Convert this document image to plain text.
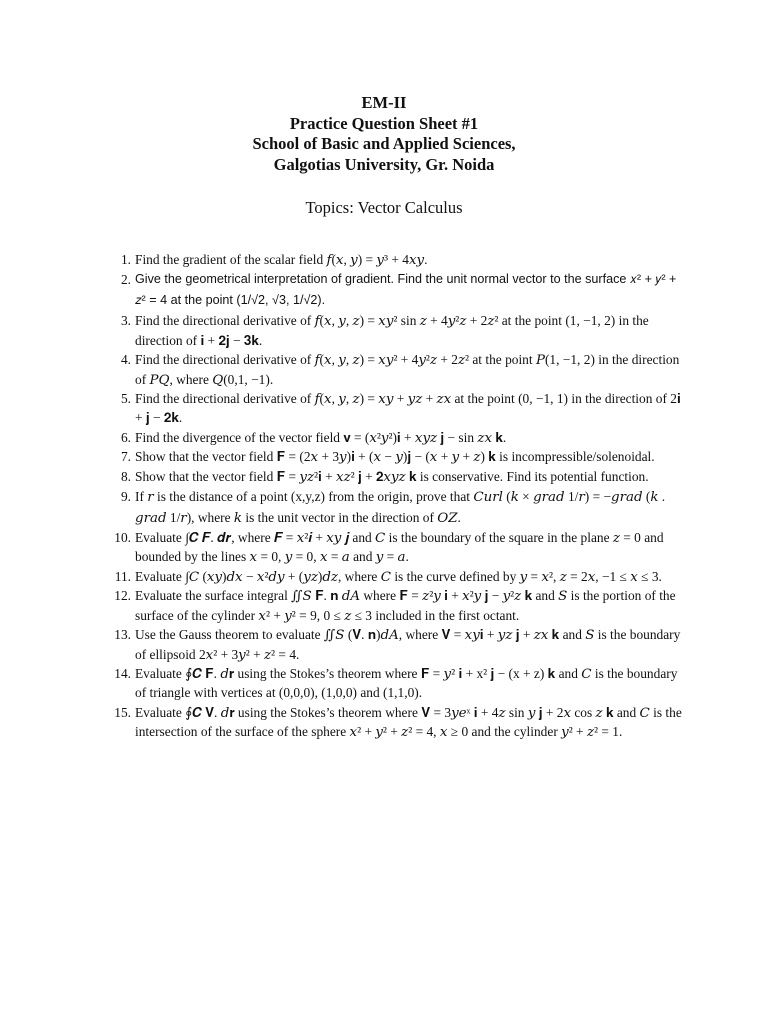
EM-II
Practice Question Sheet #1
School of Basic and Applied Sciences,
Galgotias University, Gr. Noida
Topics: Vector Calculus
1. Find the gradient of the scalar field 𝑓(𝑥, 𝑦) = 𝑦³ + 4𝑥𝑦.
2. Give the geometrical interpretation of gradient. Find the unit normal vector to the surface 𝑥² + 𝑦² + 𝑧² = 4 at the point (1/√2, √3, 1/√2).
3. Find the directional derivative of 𝑓(𝑥, 𝑦, 𝑧) = 𝑥𝑦² sin 𝑧 + 4𝑦²𝑧 + 2𝑧² at the point (1, −1, 2) in the direction of 𝐢 + 𝟐𝐣 − 𝟑𝐤.
4. Find the directional derivative of 𝑓(𝑥, 𝑦, 𝑧) = 𝑥𝑦² + 4𝑦²𝑧 + 2𝑧² at the point 𝑃(1, −1, 2) in the direction of 𝑃𝑄, where 𝑄(0,1, −1).
5. Find the directional derivative of 𝑓(𝑥, 𝑦, 𝑧) = 𝑥𝑦 + 𝑦𝑧 + 𝑧𝑥 at the point (0, −1, 1) in the direction of 2𝐢 + 𝐣 − 𝟐𝐤.
6. Find the divergence of the vector field 𝐯 = (𝑥²𝑦²)𝐢 + 𝑥𝑦𝑧 𝐣 − sin 𝑧𝑥 𝐤.
7. Show that the vector field 𝐅 = (2𝑥 + 3𝑦)𝐢 + (𝑥 − 𝑦)𝐣 − (𝑥 + 𝑦 + 𝑧) 𝐤 is incompressible/solenoidal.
8. Show that the vector field 𝐅 = 𝑦𝑧²𝐢 + 𝑥𝑧² 𝐣 + 𝟐𝑥𝑦𝑧 𝐤 is conservative. Find its potential function.
9. If 𝑟 is the distance of a point (x,y,z) from the origin, prove that 𝐶𝑢𝑟𝑙 (𝑘 × 𝑔𝑟𝑎𝑑 1/𝑟) = −𝑔𝑟𝑎𝑑 (𝑘 . 𝑔𝑟𝑎𝑑 1/𝑟), where 𝑘 is the unit vector in the direction of 𝑂𝑍.
10. Evaluate ∫𝑪 𝑭. 𝒅𝒓, where 𝑭 = 𝑥²𝒊 + 𝑥𝑦 𝒋 and 𝐶 is the boundary of the square in the plane 𝑧 = 0 and bounded by the lines 𝑥 = 0, 𝑦 = 0, 𝑥 = 𝑎 and 𝑦 = 𝑎.
11. Evaluate ∫𝐶 (𝑥𝑦)𝑑𝑥 − 𝑥²𝑑𝑦 + (𝑦𝑧)𝑑𝑧, where 𝐶 is the curve defined by 𝑦 = 𝑥², 𝑧 = 2𝑥, −1 ≤ 𝑥 ≤ 3.
12. Evaluate the surface integral ∬𝑆 𝐅. 𝐧 𝑑𝐴 where 𝐅 = 𝑧²𝑦 𝐢 + 𝑥²𝑦 𝐣 − 𝑦²𝑧 𝐤 and 𝑆 is the portion of the surface of the cylinder 𝑥² + 𝑦² = 9, 0 ≤ 𝑧 ≤ 3 included in the first octant.
13. Use the Gauss theorem to evaluate ∬𝑆 (𝐕. 𝐧)𝑑𝐴, where 𝐕 = 𝑥𝑦𝐢 + 𝑦𝑧 𝐣 + 𝑧𝑥 𝐤 and 𝑆 is the boundary of ellipsoid 2𝑥² + 3𝑦² + 𝑧² = 4.
14. Evaluate ∮𝑪 𝐅. 𝑑𝐫 using the Stokes’s theorem where 𝐅 = 𝑦² 𝐢 + x² 𝐣 − (x + z) 𝐤 and 𝐶 is the boundary of triangle with vertices at (0,0,0), (1,0,0) and (1,1,0).
15. Evaluate ∮𝑪 𝐕. 𝑑𝐫 using the Stokes’s theorem where 𝐕 = 3𝑦𝑒ˣ 𝐢 + 4𝑧 sin 𝑦 𝐣 + 2𝑥 cos 𝑧 𝐤 and 𝐶 is the intersection of the surface of the sphere 𝑥² + 𝑦² + 𝑧² = 4, 𝑥 ≥ 0 and the cylinder 𝑦² + 𝑧² = 1.
